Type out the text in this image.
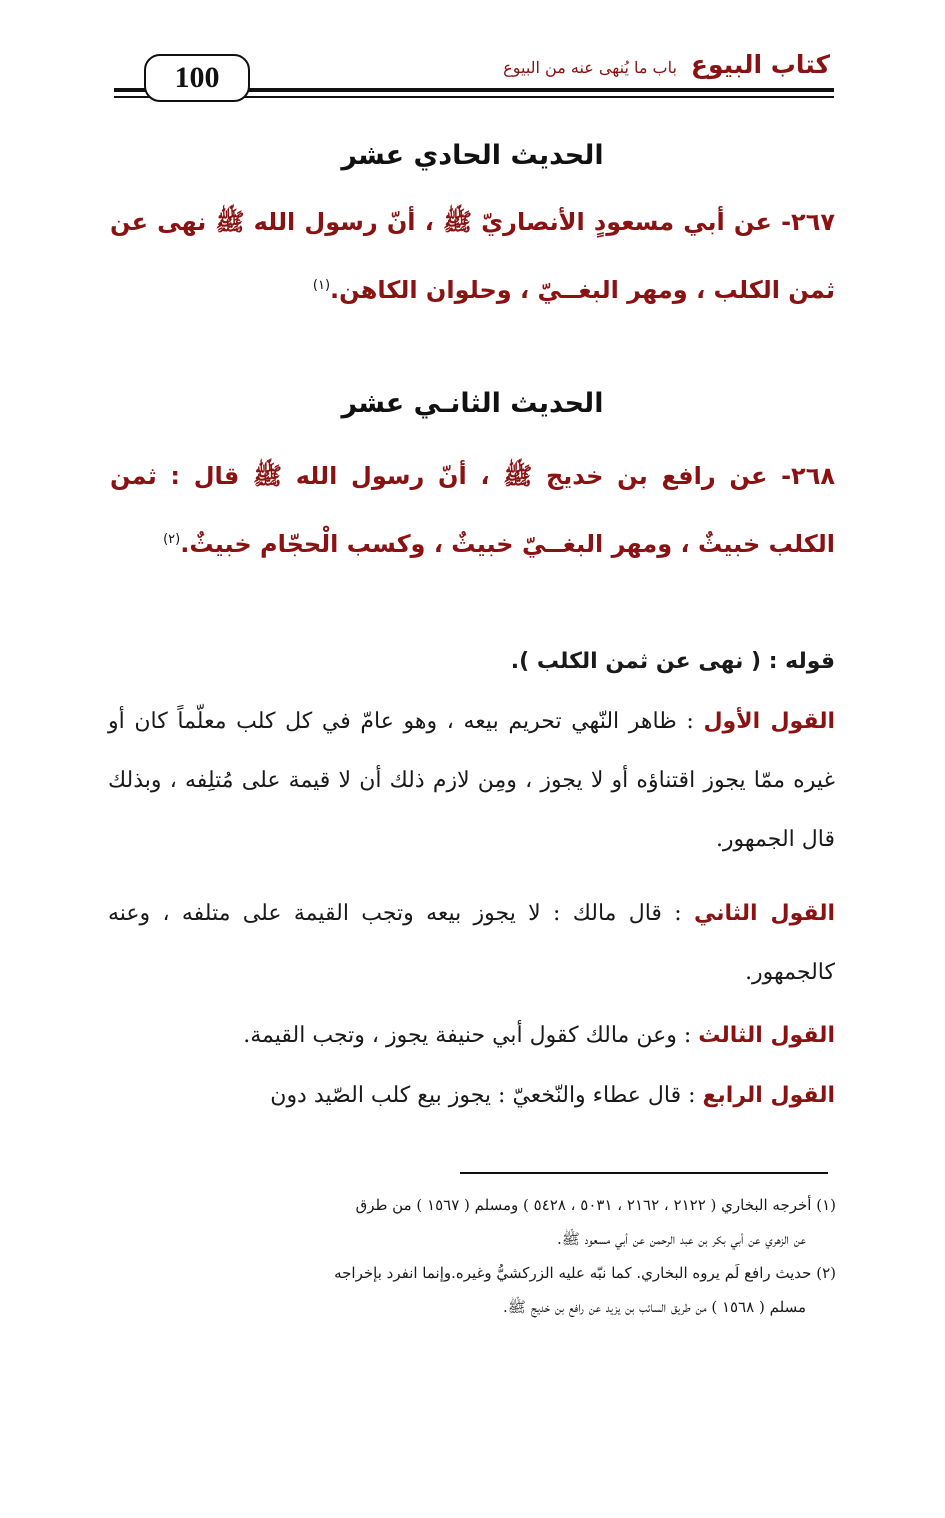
100	كتاب البيوع
باب ما يُنهى عنه من البيوع
الحديث الحادي عشر
٢٦٧- عن أبي مسعودٍ الأنصاريّ ﷺ ، أنّ رسول الله ﷺ نهى عن ثمن الكلب ، ومهر البغــيّ ، وحلوان الكاهن.$^{(١)}$
الحديث الثانـي عشر
٢٦٨- عن رافع بن خديج ﷺ ، أنّ رسول الله ﷺ قال : ثمن الكلب خبيثٌ ، ومهر البغــيّ خبيثٌ ، وكسب الْحجّام خبيثٌ.$^{(٢)}$
قوله : ( نهى عن ثمن الكلب ).
القول الأول : ظاهر النّهي تحريم بيعه ، وهو عامّ في كل كلب معلّماً كان أو غيره ممّا يجوز اقتناؤه أو لا يجوز ، ومِن لازم ذلك أن لا قيمة على مُتلِفه ، وبذلك قال الجمهور.
القول الثاني : قال مالك : لا يجوز بيعه وتجب القيمة على متلفه ، وعنه كالجمهور.
القول الثالث : وعن مالك كقول أبي حنيفة يجوز ، وتجب القيمة.
القول الرابع : قال عطاء والنّخعيّ : يجوز بيع كلب الصّيد دون

(١) أخرجه البخاري ( ٢١٢٢ ، ٢١٦٢ ، ٥٠٣١ ، ٥٤٢٨ ) ومسلم ( ١٥٦٧ ) من طرق

عن الزهري عن أبي بكر بن عبد الرحمن عن أبي مسعود ﷺ.

(٢) حديث رافع لَم يروه البخاري. كما نبّه عليه الزركشيُّ وغيره.وإنما انفرد بإخراجه

مسلم ( ١٥٦٨ ) من طريق السائب بن يزيد عن رافع بن خديج ﷺ.
